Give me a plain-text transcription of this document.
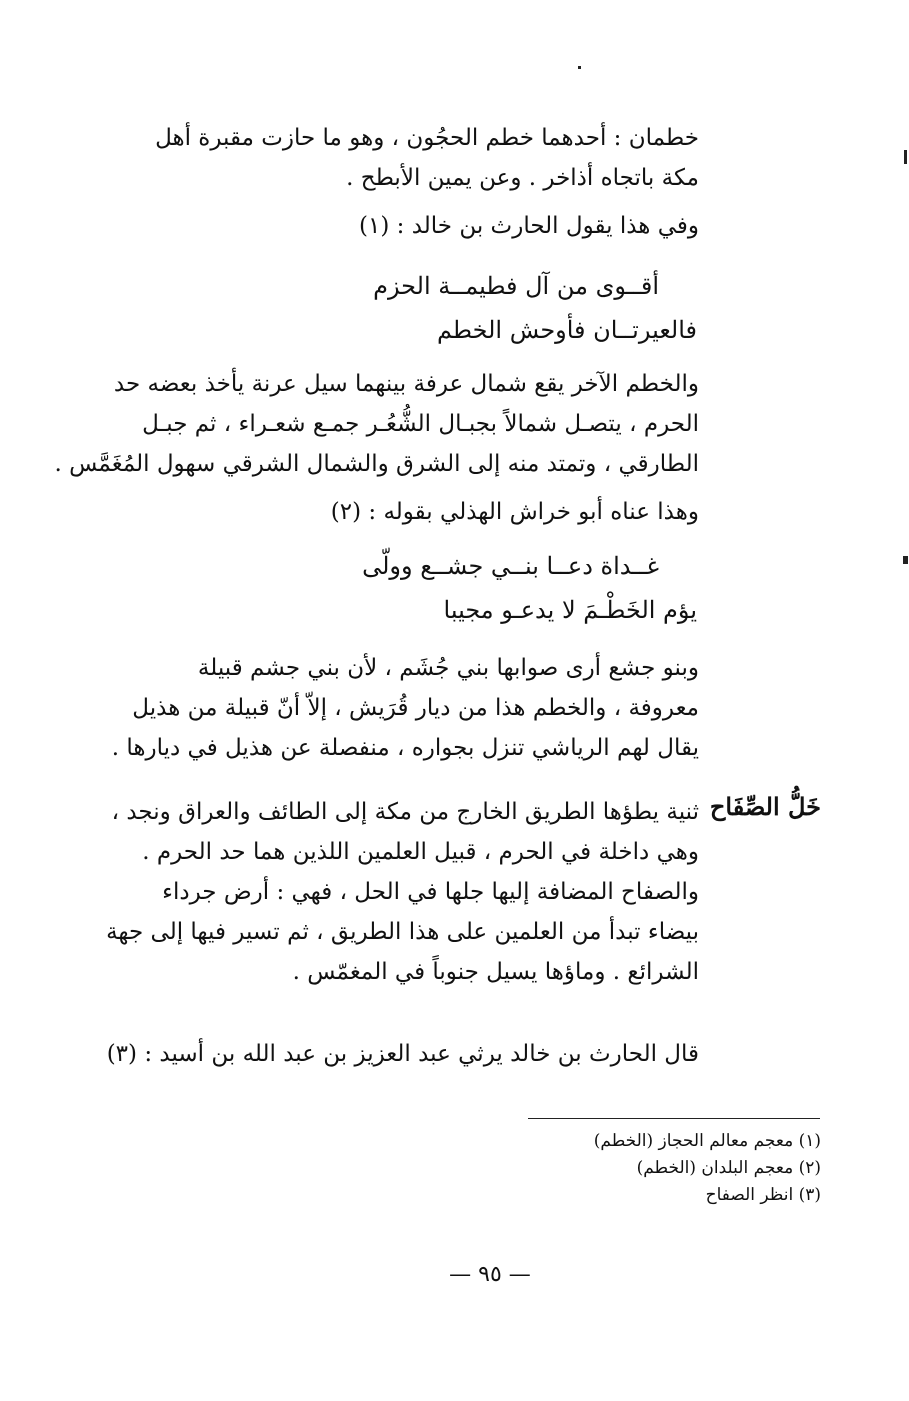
خطمان : أحدهما خطم الحجُون ، وهو ما حازت مقبرة أهل
مكة باتجاه أذاخر . وعن يمين الأبطح .
وفي هذا يقول الحارث بن خالد : (١)
أقــوى من آل فطيمــة الحزم
فالعيرتــان فأوحش الخطم
والخطم الآخر يقع شمال عرفة بينهما سيل عرنة يأخذ بعضه حد
الحرم ، يتصـل شمالاً بجبـال الشُّعُـر جمـع شعـراء ، ثم جبـل
الطارقي ، وتمتد منه إلى الشرق والشمال الشرقي سهول المُغَمَّس .
وهذا عناه أبو خراش الهذلي بقوله : (٢)
غــداة دعــا بنــي جشــع وولّى
يؤم الخَطْـمَ لا يدعـو مجيبا
وبنو جشع أرى صوابها بني جُشَم ، لأن بني جشم قبيلة
معروفة ، والخطم هذا من ديار قُرَيش ، إلاّ أنّ قبيلة من هذيل
يقال لهم الرياشي تنزل بجواره ، منفصلة عن هذيل في ديارها .
خَلُّ الصِّفَاح
ثنية يطؤها الطريق الخارج من مكة إلى الطائف والعراق ونجد ،
وهي داخلة في الحرم ، قبيل العلمين اللذين هما حد الحرم .
والصفاح المضافة إليها جلها في الحل ، فهي : أرض جرداء
بيضاء تبدأ من العلمين على هذا الطريق ، ثم تسير فيها إلى جهة
الشرائع . وماؤها يسيل جنوباً في المغمّس .
قال الحارث بن خالد يرثي عبد العزيز بن عبد الله بن أسيد : (٣)
(١) معجم معالم الحجاز (الخطم)
(٢) معجم البلدان (الخطم)
(٣) انظر الصفاح
— ٩٥ —
